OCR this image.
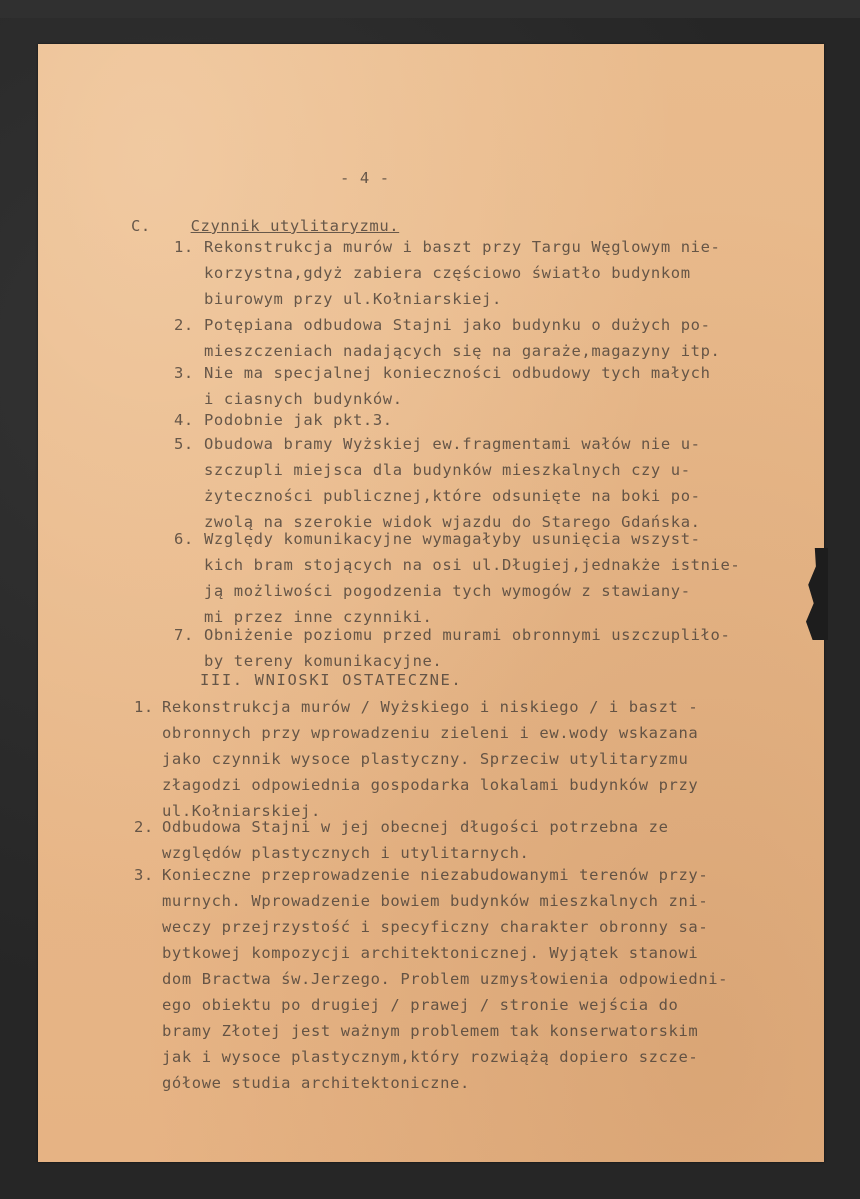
- 4 -
C.	Czynnik utylitaryzmu.
1. Rekonstrukcja murów i baszt przy Targu Węglowym nie-
korzystna,gdyż zabiera częściowo światło budynkom
biurowym przy ul.Kołniarskiej.
2. Potępiana odbudowa Stajni jako budynku o dużych po-
mieszczeniach nadających się na garaże,magazyny itp.
3. Nie ma specjalnej konieczności odbudowy tych małych
i ciasnych budynków.
4. Podobnie jak pkt.3.
5. Obudowa bramy Wyżskiej ew.fragmentami wałów nie u-
szczupli miejsca dla budynków mieszkalnych czy u-
żyteczności publicznej,które odsunięte na boki po-
zwolą na szerokie widok wjazdu do Starego Gdańska.
6. Względy komunikacyjne wymagałyby usunięcia wszyst-
kich bram stojących na osi ul.Długiej,jednakże istnie-
ją możliwości pogodzenia tych wymogów z stawiany-
mi przez inne czynniki.
7. Obniżenie poziomu przed murami obronnymi uszczupliło-
by tereny komunikacyjne.
III. WNIOSKI OSTATECZNE.
1. Rekonstrukcja murów / Wyżskiego i niskiego / i baszt -
obronnych przy wprowadzeniu zieleni i ew.wody wskazana
jako czynnik wysoce plastyczny. Sprzeciw utylitaryzmu
złagodzi odpowiednia gospodarka lokalami budynków przy
ul.Kołniarskiej.
2. Odbudowa Stajni w jej obecnej długości potrzebna ze
względów plastycznych i utylitarnych.
3. Konieczne przeprowadzenie niezabudowanymi terenów przy-
murnych. Wprowadzenie bowiem budynków mieszkalnych zni-
weczy przejrzystość i specyficzny charakter obronny sa-
bytkowej kompozycji architektonicznej. Wyjątek stanowi
dom Bractwa św.Jerzego. Problem uzmysłowienia odpowiedni-
ego obiektu po drugiej / prawej / stronie wejścia do
bramy Złotej jest ważnym problemem tak konserwatorskim
jak i wysoce plastycznym,który rozwiążą dopiero szcze-
gółowe studia architektoniczne.
